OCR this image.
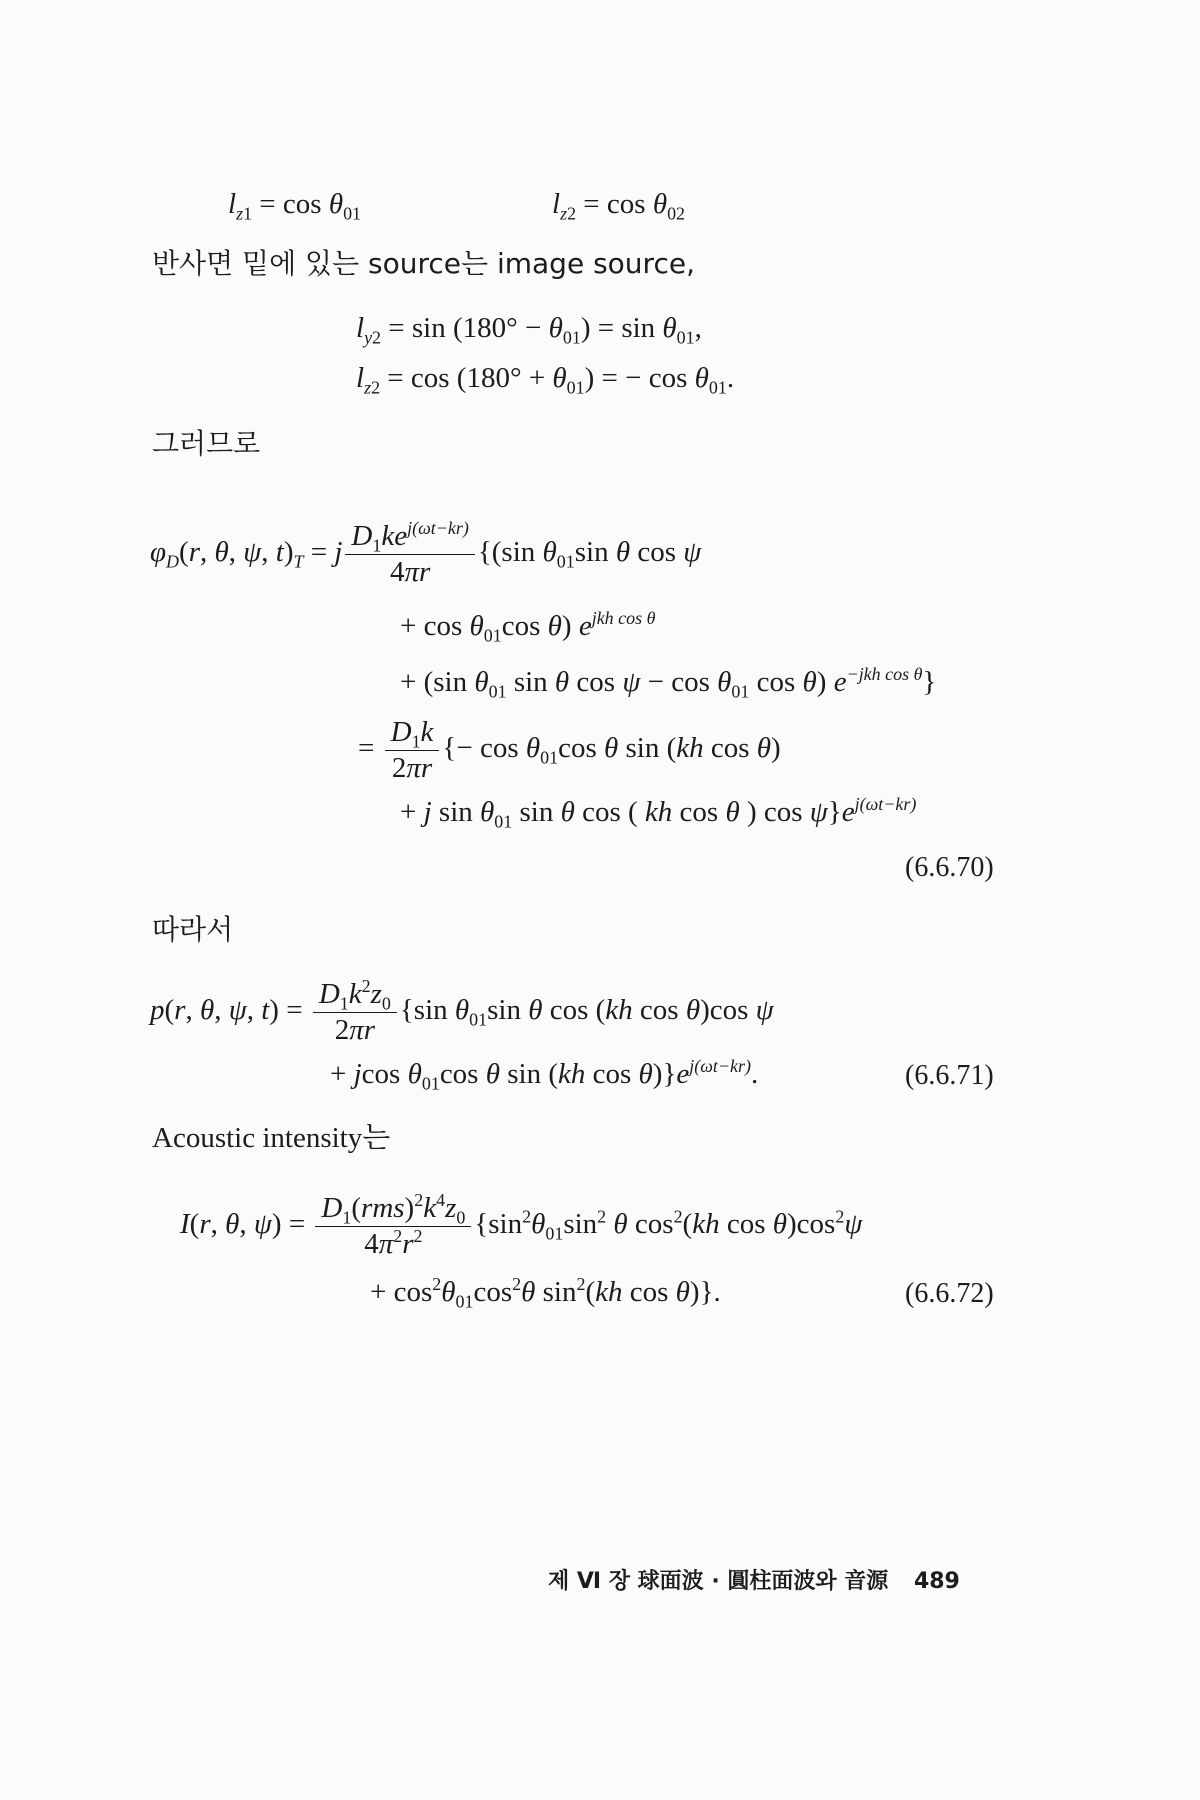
$l_{z1} = \cos \theta_{01}$	$l_{z2} = \cos \theta_{02}$
반사면 밑에 있는 source는 image source,
$l_{y2} = \sin (180^\circ - \theta_{01}) = \sin \theta_{01}$,
$l_{z2} = \cos (180^\circ + \theta_{01})$ = − $\cos \theta_{01}$.
그러므로
$\varphi_D(r$, θ, ψ, $t)_T = j \frac{D_1ke^{j(\omega t-kr)}}{4\pi r} \{(\sin$ $\theta_{01}\sin$ θ cos ψ
+ $\cos \theta_{01}\cos$ θ) $e^{jkh cos \theta}$
+ (sin $\theta_{01}$ sin θ $\cos \psi - \cos \theta_{01}$ cos θ) $e^{-jkh cos \theta}$}
= $\frac{D_1k}{2\pi r}$ {− $\cos \theta_{01}\cos$ θ sin (kh cos θ)
+ j $\sin \theta_{01}$ sin θ cos ( kh cos θ ) $\cos \psi\}e^{j(\omega t-kr)}$
(6.6.70)
따라서
p(r, θ, ψ, $t) = \frac{D_1k^2z_0}{2\pi r} \{\sin$ $\theta_{01}\sin$ θ cos (kh cos θ)cos ψ
+ jcos $\theta_{01}\cos$ θ sin (kh $\cos \theta)\}e^{j(\omega t-kr)}$.	(6.6.71)
Acoustic intensity는
I(r, θ, $\psi) = \frac{D_1(rms)^2k^4z_0}{4\pi^2r^2} \{\sin^2\theta_{01}\sin^2$ θ $\cos^2(kh$ $\cos \theta)\cos^2\psi$
+ $\cos^2\theta_{01}\cos^2\theta$ $\sin^2(kh$ cos θ)}.	(6.6.72)
제 Ⅵ 장 球面波 · 圓柱面波와 音源 489
